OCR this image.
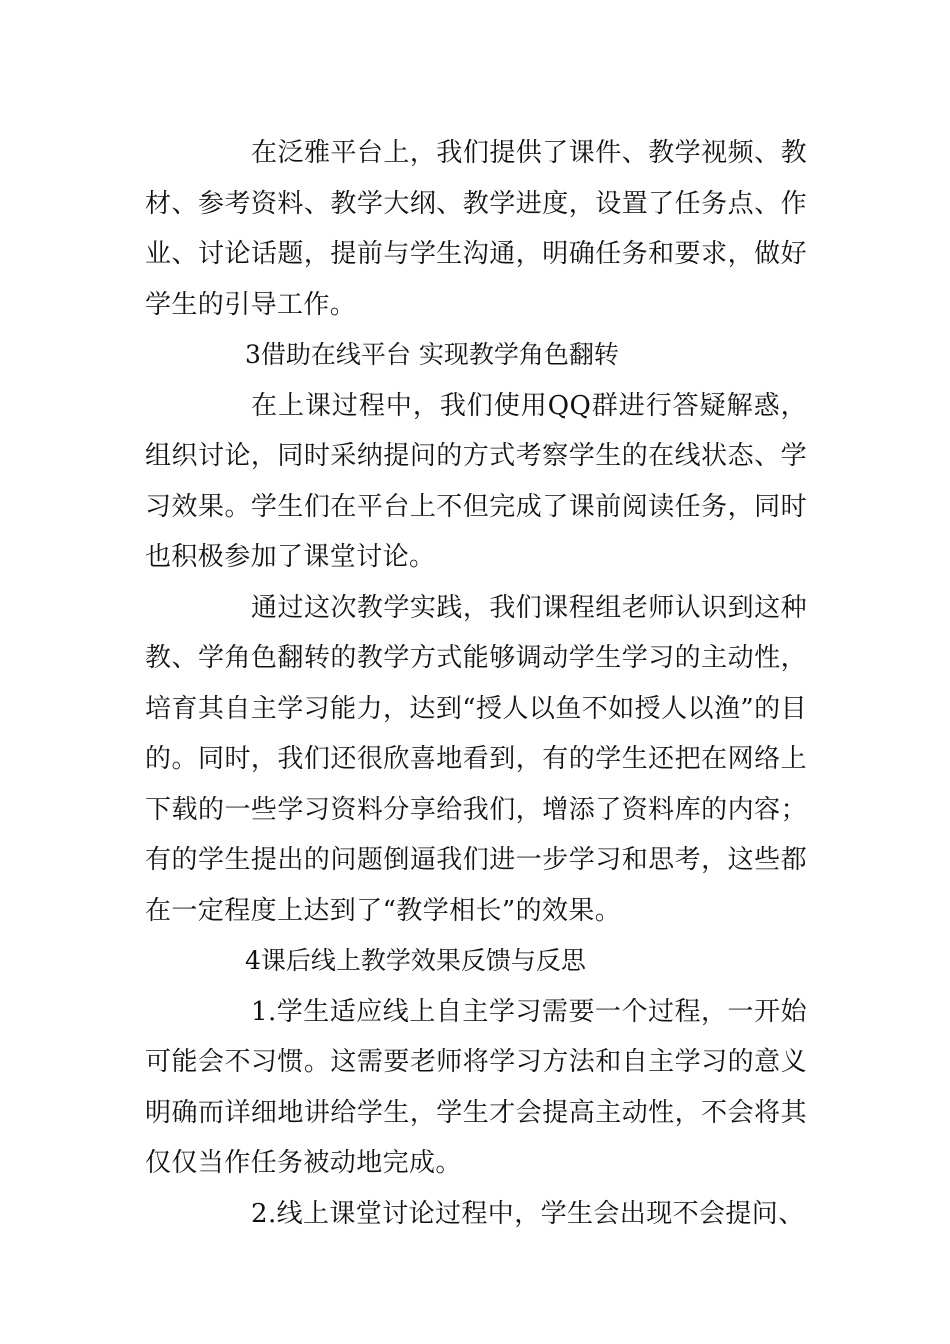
在泛雅平台上，我们提供了课件、教学视频、教材、参考资料、教学大纲、教学进度，设置了任务点、作业、讨论话题，提前与学生沟通，明确任务和要求，做好学生的引导工作。

3借助在线平台 实现教学角色翻转

在上课过程中，我们使用QQ群进行答疑解惑，组织讨论，同时采纳提问的方式考察学生的在线状态、学习效果。学生们在平台上不但完成了课前阅读任务，同时也积极参加了课堂讨论。

通过这次教学实践，我们课程组老师认识到这种教、学角色翻转的教学方式能够调动学生学习的主动性，培育其自主学习能力，达到“授人以鱼不如授人以渔”的目的。同时，我们还很欣喜地看到，有的学生还把在网络上下载的一些学习资料分享给我们，增添了资料库的内容；有的学生提出的问题倒逼我们进一步学习和思考，这些都在一定程度上达到了“教学相长”的效果。

4课后线上教学效果反馈与反思

1.学生适应线上自主学习需要一个过程，一开始可能会不习惯。这需要老师将学习方法和自主学习的意义明确而详细地讲给学生，学生才会提高主动性，不会将其仅仅当作任务被动地完成。

2.线上课堂讨论过程中，学生会出现不会提问、
